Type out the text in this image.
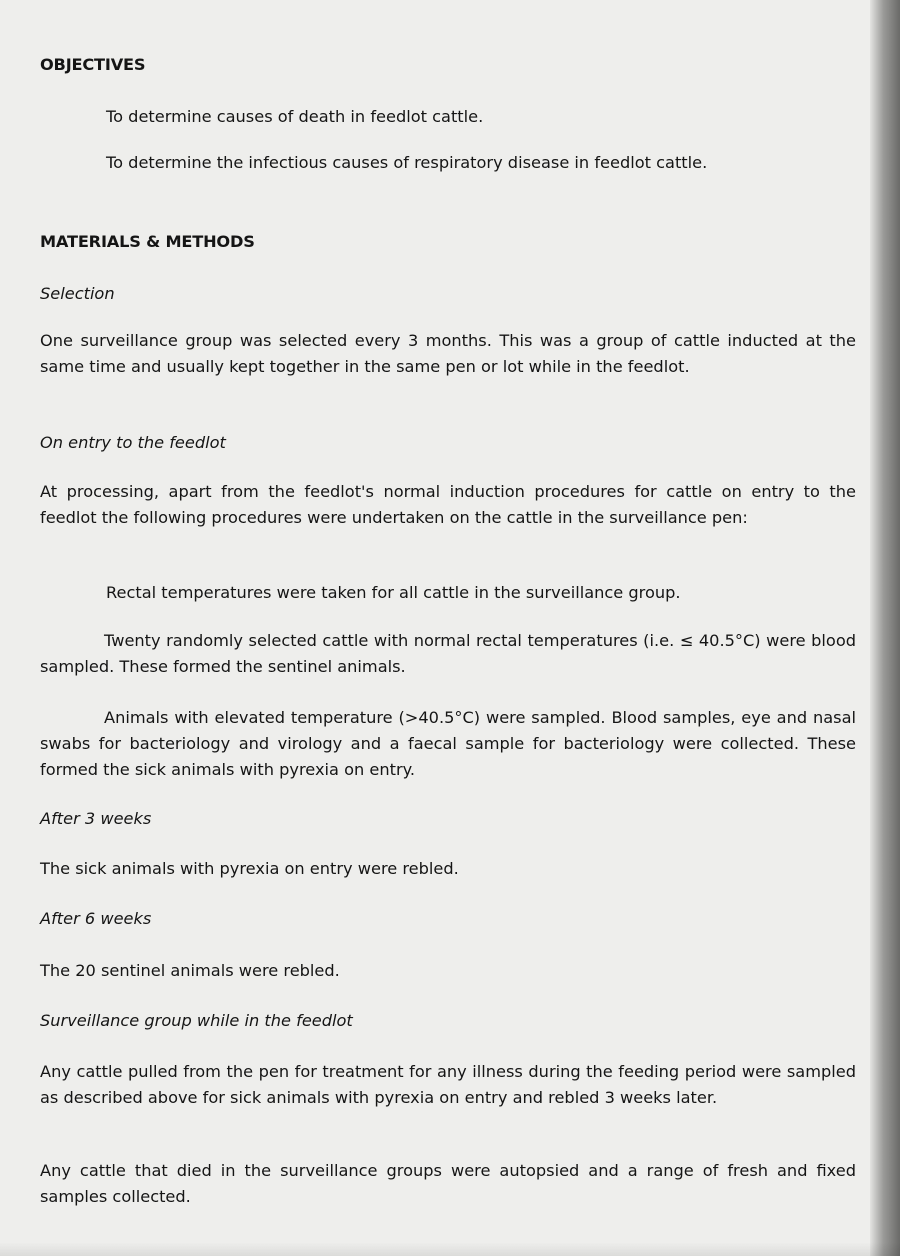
OBJECTIVES
To determine causes of death in feedlot cattle.
To determine the infectious causes of respiratory disease in feedlot cattle.
MATERIALS & METHODS
Selection
One surveillance group was selected every 3 months. This was a group of cattle inducted at the same time and usually kept together in the same pen or lot while in the feedlot.
On entry to the feedlot
At processing, apart from the feedlot's normal induction procedures for cattle on entry to the feedlot the following procedures were undertaken on the cattle in the surveillance pen:
Rectal temperatures were taken for all cattle in the surveillance group.
Twenty randomly selected cattle with normal rectal temperatures (i.e. ≤ 40.5°C) were blood sampled. These formed the sentinel animals.
Animals with elevated temperature (>40.5°C) were sampled. Blood samples, eye and nasal swabs for bacteriology and virology and a faecal sample for bacteriology were collected. These formed the sick animals with pyrexia on entry.
After 3 weeks
The sick animals with pyrexia on entry were rebled.
After 6 weeks
The 20 sentinel animals were rebled.
Surveillance group while in the feedlot
Any cattle pulled from the pen for treatment for any illness during the feeding period were sampled as described above for sick animals with pyrexia on entry and rebled 3 weeks later.
Any cattle that died in the surveillance groups were autopsied and a range of fresh and fixed samples collected.
